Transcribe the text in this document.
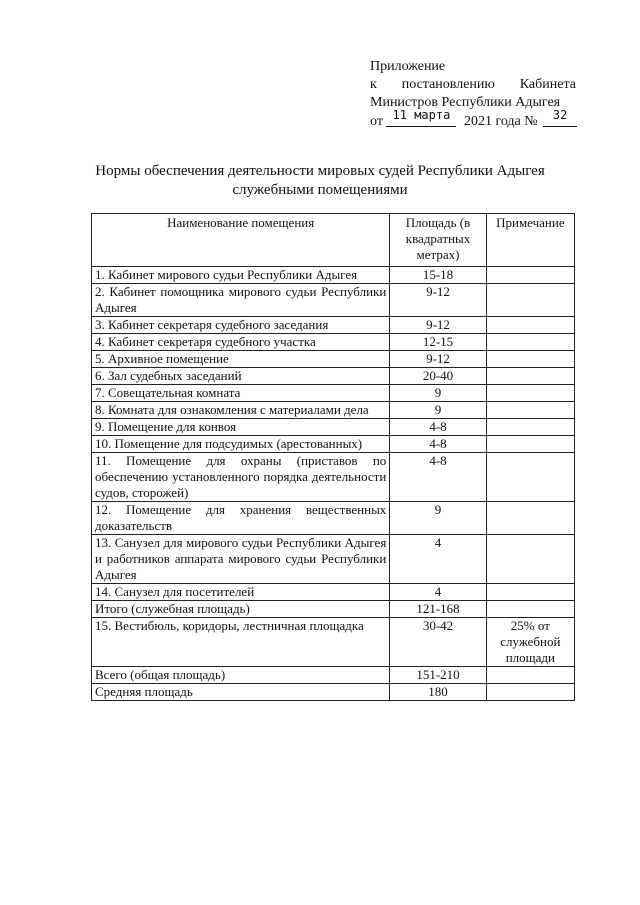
Приложение
к постановлению Кабинета
Министров Республики Адыгея
от 11 марта 2021 года № 32
Нормы обеспечения деятельности мировых судей Республики Адыгея
служебными помещениями
Наименование помещения	Площадь (в квадратных метрах)	Примечание
1. Кабинет мирового судьи Республики Адыгея	15-18	
2. Кабинет помощника мирового судьи Республики Адыгея	9-12	
3. Кабинет секретаря судебного заседания	9-12	
4. Кабинет секретаря судебного участка	12-15	
5. Архивное помещение	9-12	
6. Зал судебных заседаний	20-40	
7. Совещательная комната	9	
8. Комната для ознакомления с материалами дела	9	
9. Помещение для конвоя	4-8	
10. Помещение для подсудимых (арестованных)	4-8	
11. Помещение для охраны (приставов по обеспечению установленного порядка деятельности судов, сторожей)	4-8	
12. Помещение для хранения вещественных доказательств	9	
13. Санузел для мирового судьи Республики Адыгея и работников аппарата мирового судьи Республики Адыгея	4	
14. Санузел для посетителей	4	
Итого (служебная площадь)	121-168	
15. Вестибюль, коридоры, лестничная площадка	30-42	25% от служебной площади
Всего (общая площадь)	151-210	
Средняя площадь	180	
